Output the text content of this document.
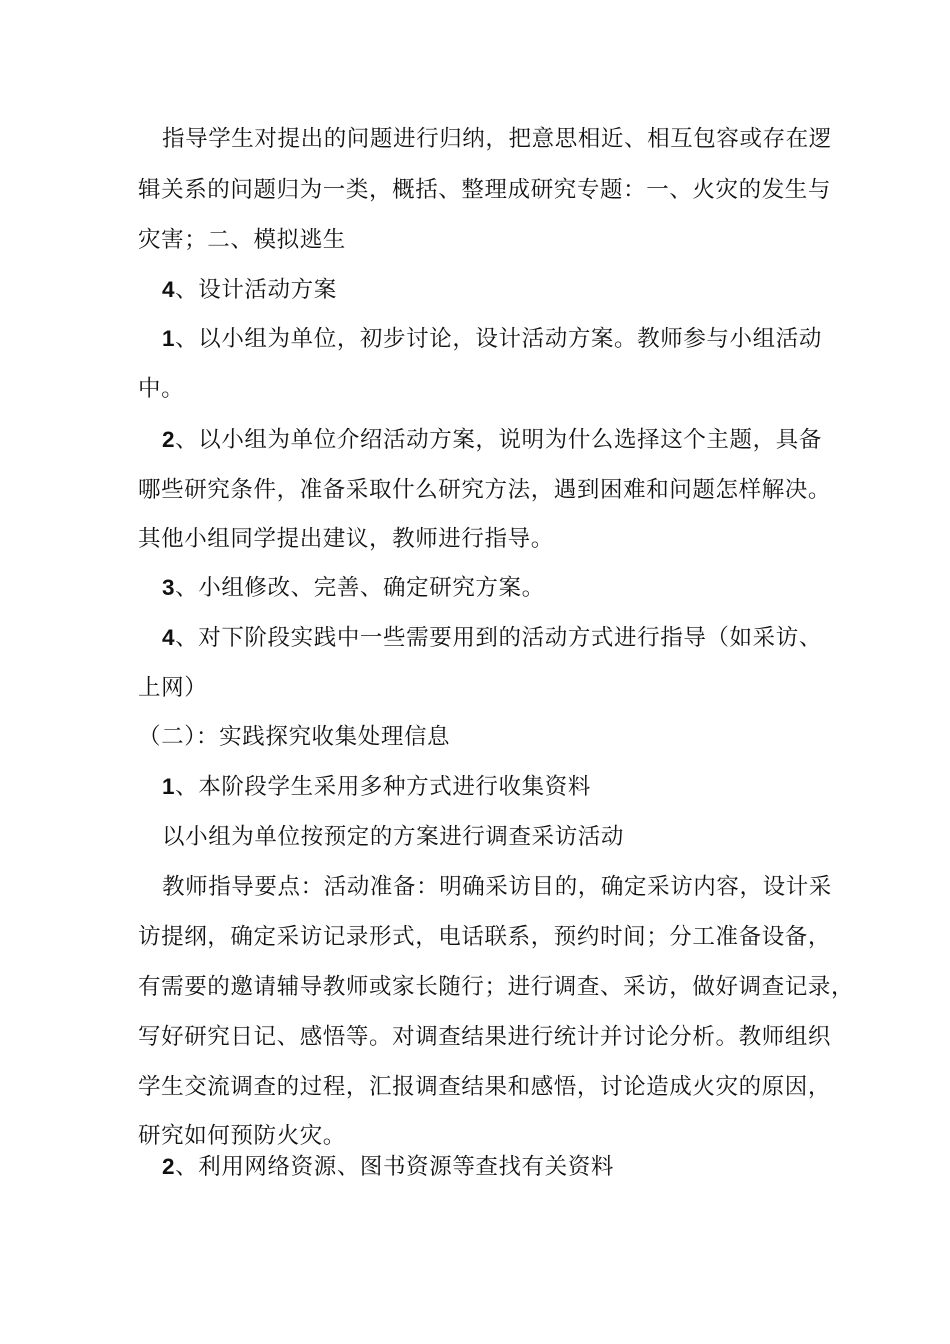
指导学生对提出的问题进行归纳，把意思相近、相互包容或存在逻
辑关系的问题归为一类，概括、整理成研究专题：一、火灾的发生与
灾害；二、模拟逃生
4、设计活动方案
1、以小组为单位，初步讨论，设计活动方案。教师参与小组活动
中。
2、以小组为单位介绍活动方案，说明为什么选择这个主题，具备
哪些研究条件，准备采取什么研究方法，遇到困难和问题怎样解决。
其他小组同学提出建议，教师进行指导。
3、小组修改、完善、确定研究方案。
4、对下阶段实践中一些需要用到的活动方式进行指导（如采访、
上网）
（二）：实践探究收集处理信息
1、本阶段学生采用多种方式进行收集资料
以小组为单位按预定的方案进行调查采访活动
教师指导要点：活动准备：明确采访目的，确定采访内容，设计采
访提纲，确定采访记录形式，电话联系，预约时间；分工准备设备，
有需要的邀请辅导教师或家长随行；进行调查、采访，做好调查记录，
写好研究日记、感悟等。对调查结果进行统计并讨论分析。教师组织
学生交流调查的过程，汇报调查结果和感悟，讨论造成火灾的原因，
研究如何预防火灾。
2、利用网络资源、图书资源等查找有关资料
